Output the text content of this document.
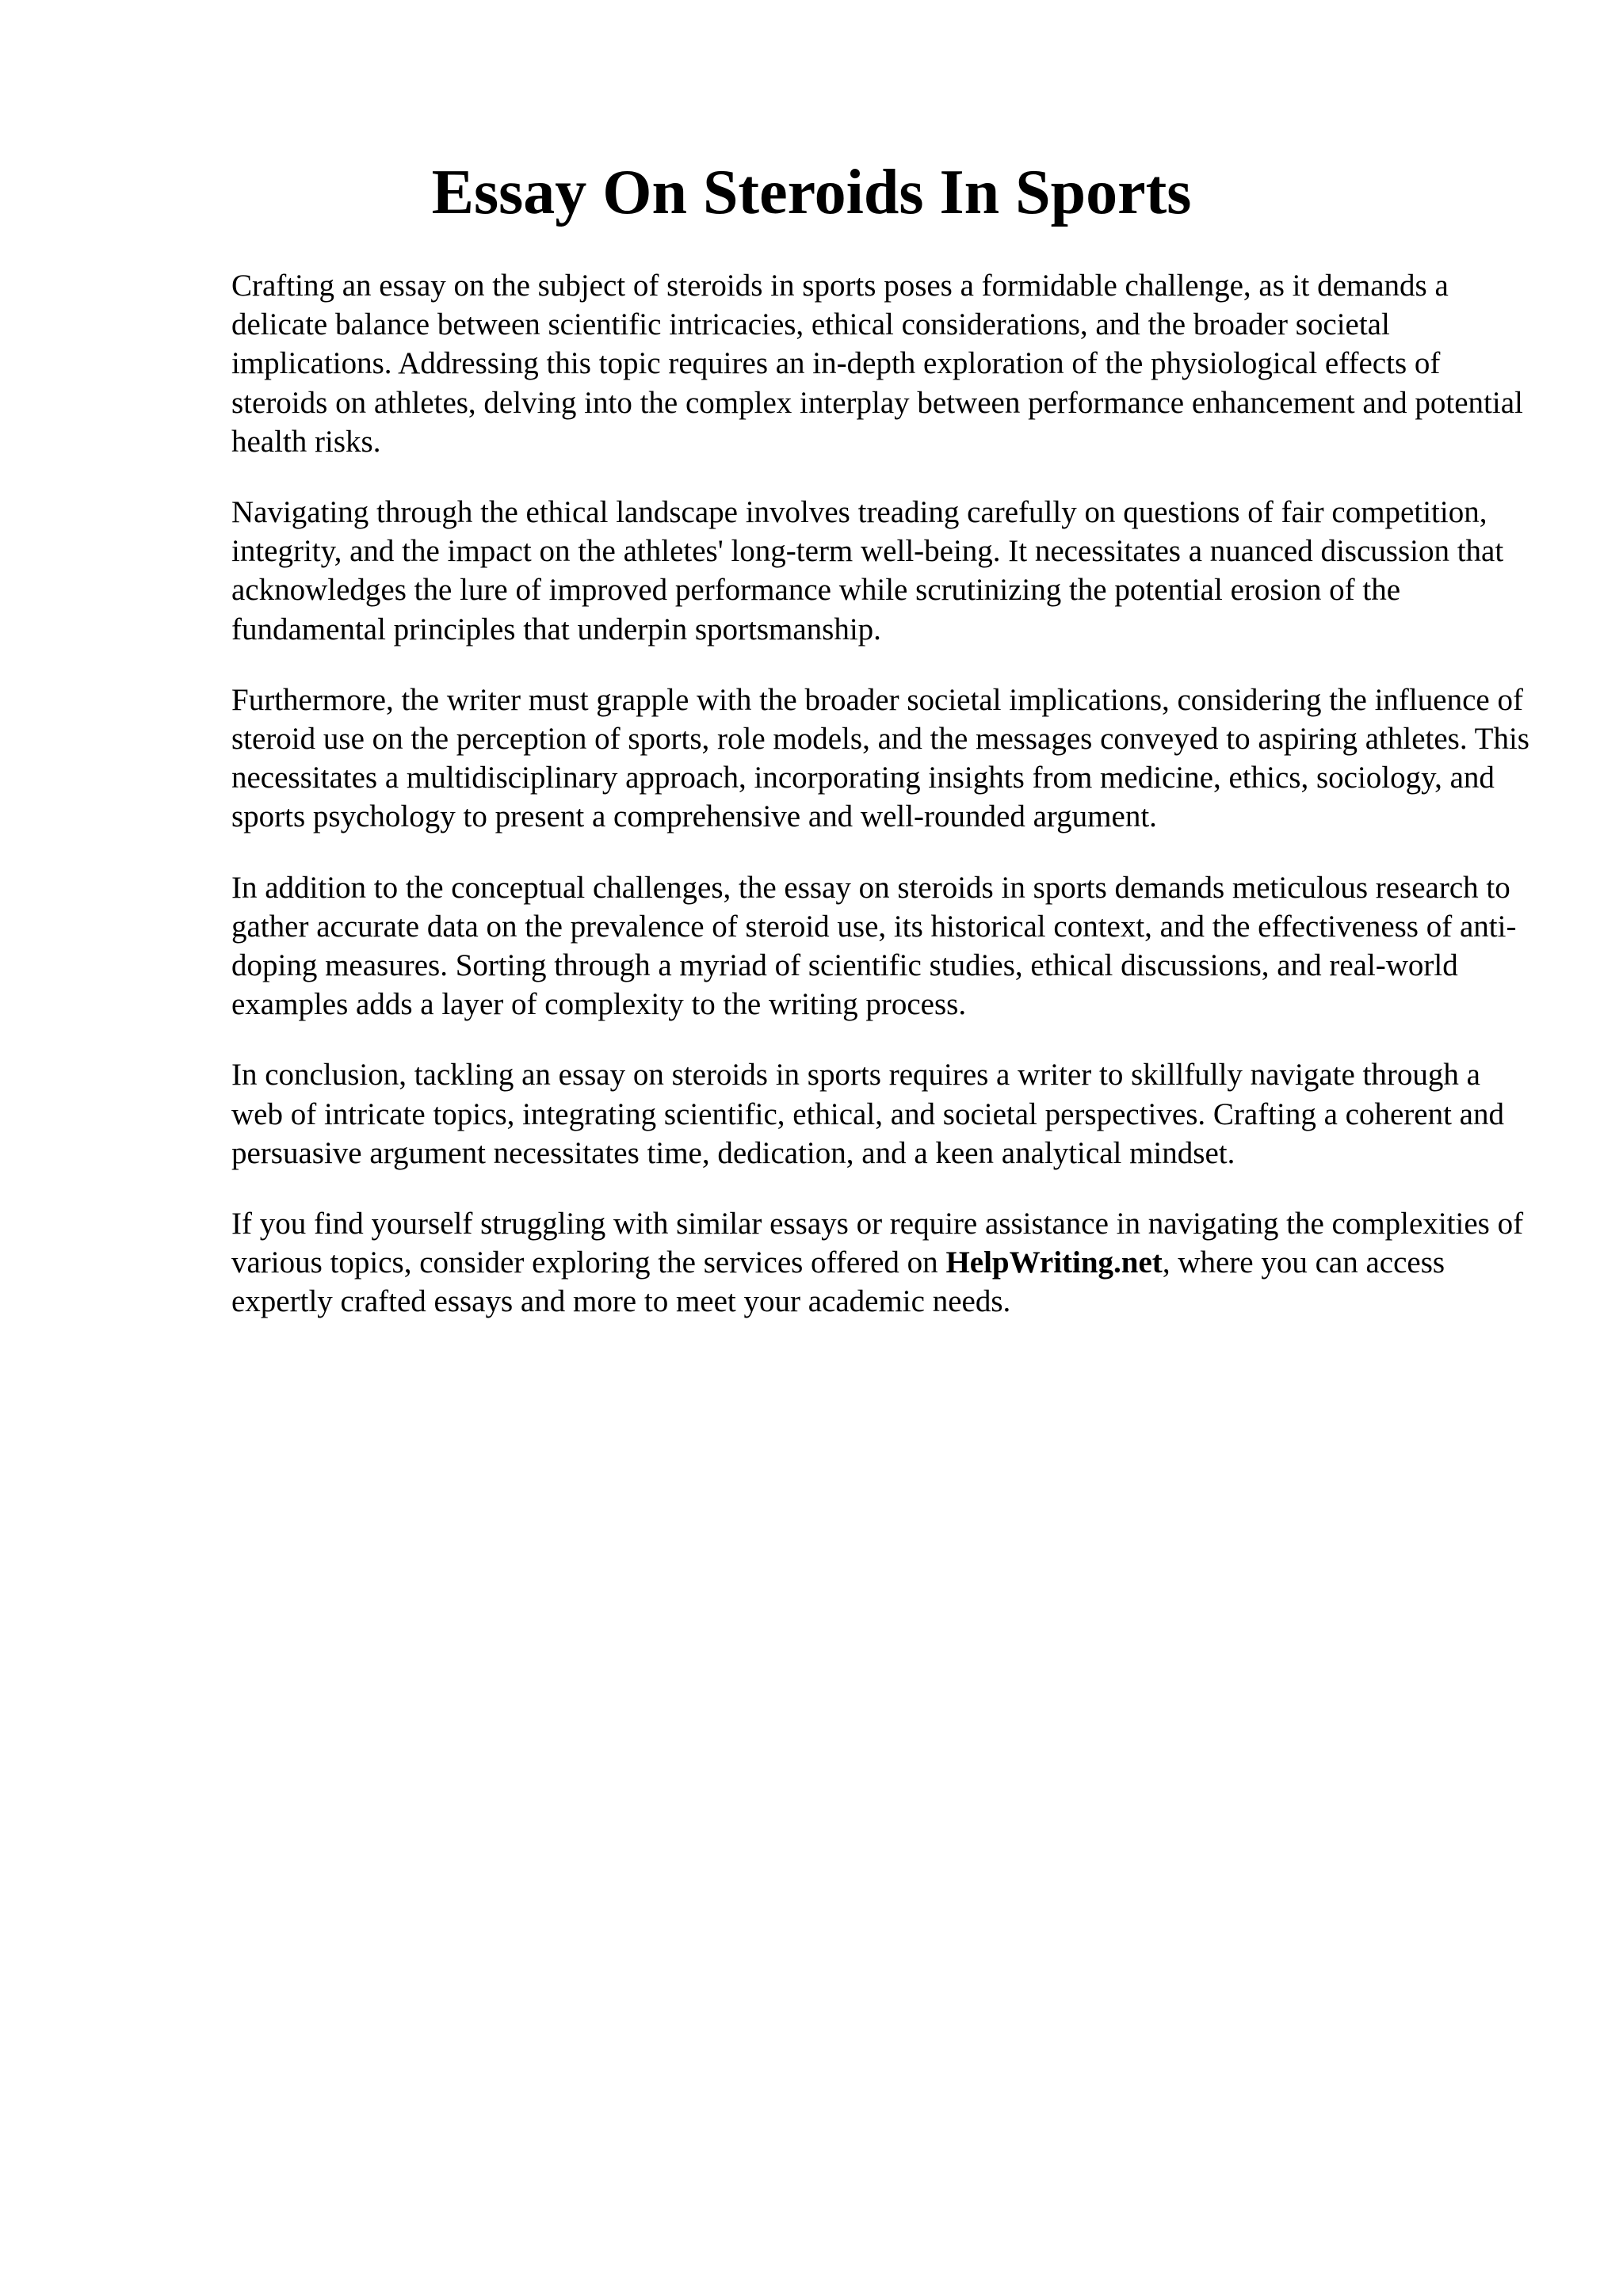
Essay On Steroids In Sports

Crafting an essay on the subject of steroids in sports poses a formidable challenge, as it demands a delicate balance between scientific intricacies, ethical considerations, and the broader societal implications. Addressing this topic requires an in-depth exploration of the physiological effects of steroids on athletes, delving into the complex interplay between performance enhancement and potential health risks.

Navigating through the ethical landscape involves treading carefully on questions of fair competition, integrity, and the impact on the athletes' long-term well-being. It necessitates a nuanced discussion that acknowledges the lure of improved performance while scrutinizing the potential erosion of the fundamental principles that underpin sportsmanship.

Furthermore, the writer must grapple with the broader societal implications, considering the influence of steroid use on the perception of sports, role models, and the messages conveyed to aspiring athletes. This necessitates a multidisciplinary approach, incorporating insights from medicine, ethics, sociology, and sports psychology to present a comprehensive and well-rounded argument.

In addition to the conceptual challenges, the essay on steroids in sports demands meticulous research to gather accurate data on the prevalence of steroid use, its historical context, and the effectiveness of anti-doping measures. Sorting through a myriad of scientific studies, ethical discussions, and real-world examples adds a layer of complexity to the writing process.

In conclusion, tackling an essay on steroids in sports requires a writer to skillfully navigate through a web of intricate topics, integrating scientific, ethical, and societal perspectives. Crafting a coherent and persuasive argument necessitates time, dedication, and a keen analytical mindset.

If you find yourself struggling with similar essays or require assistance in navigating the complexities of various topics, consider exploring the services offered on HelpWriting.net, where you can access expertly crafted essays and more to meet your academic needs.
